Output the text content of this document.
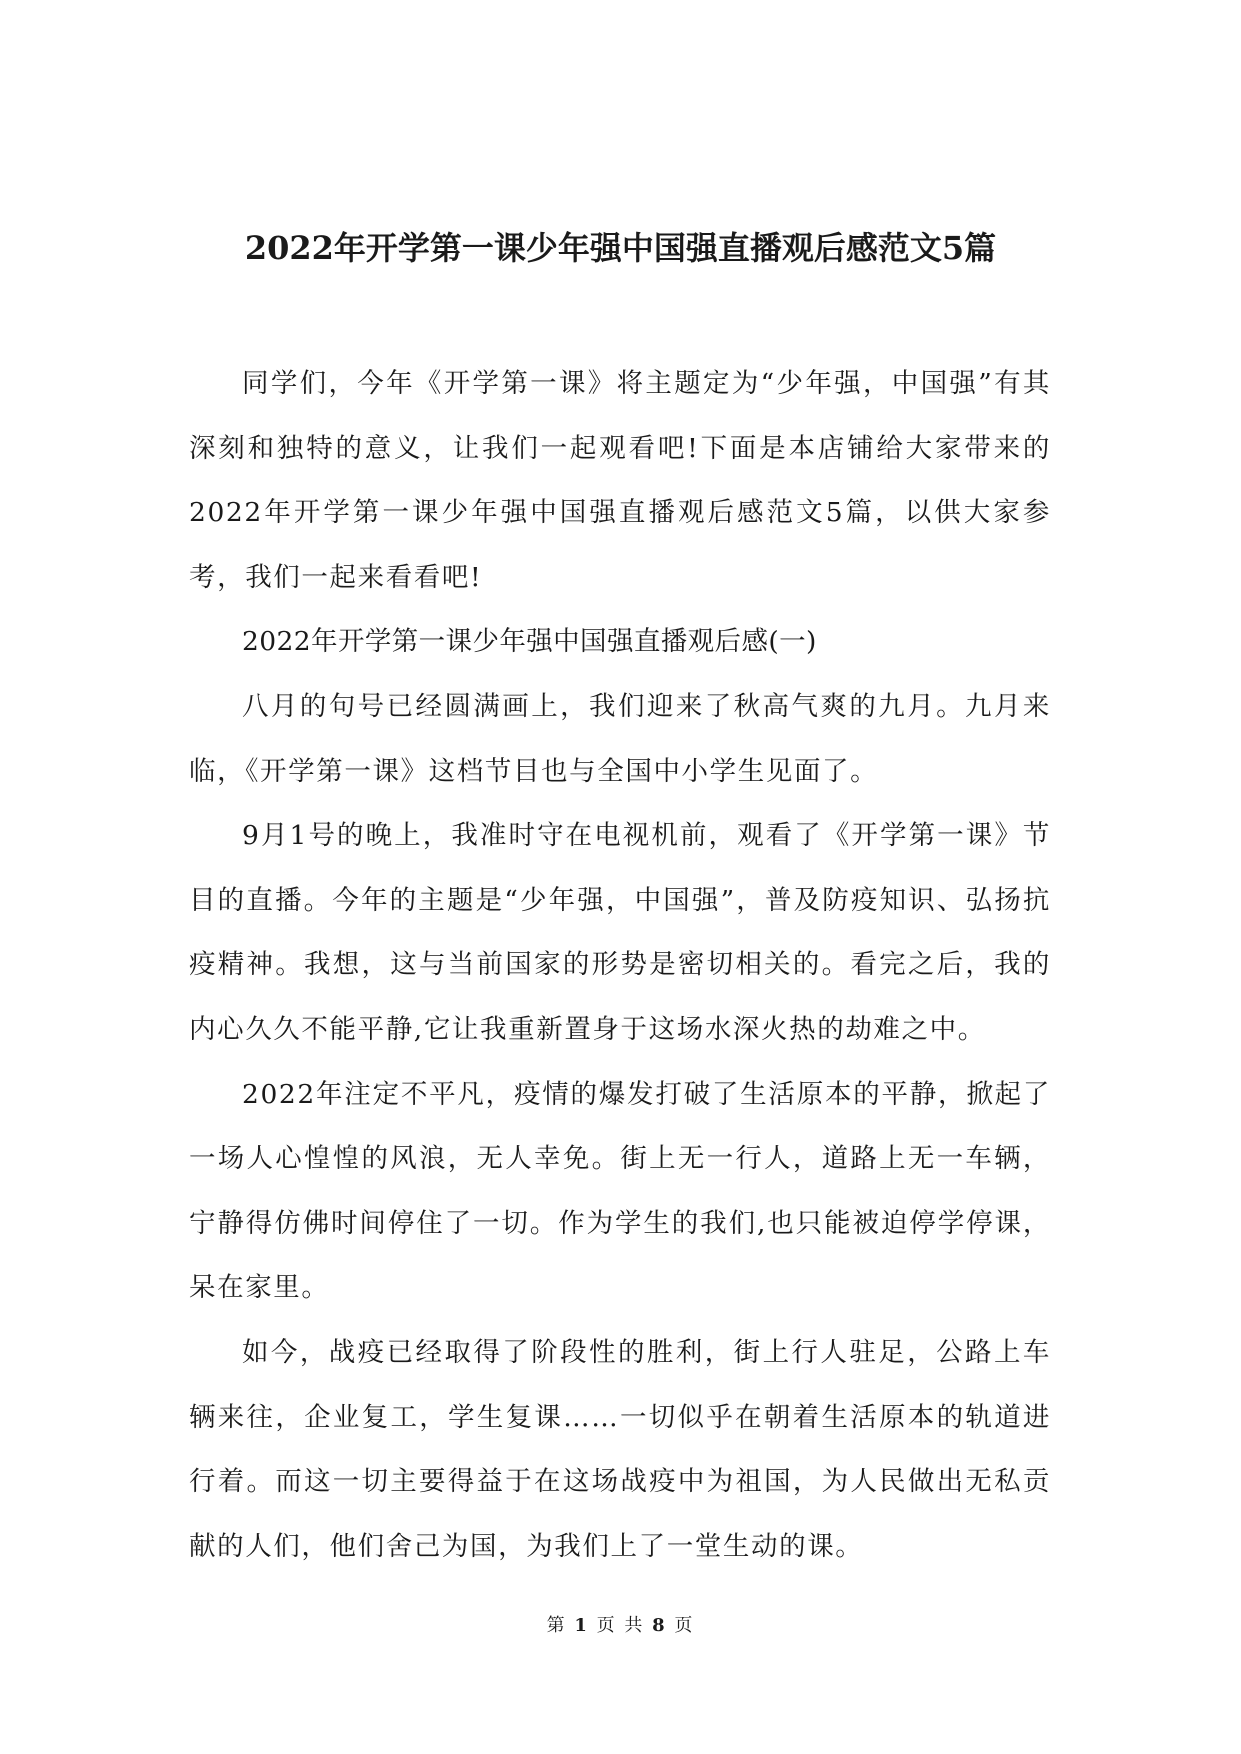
2022年开学第一课少年强中国强直播观后感范文5篇

同学们，今年《开学第一课》将主题定为“少年强，中国强”有其深刻和独特的意义，让我们一起观看吧!下面是本店铺给大家带来的2022年开学第一课少年强中国强直播观后感范文5篇，以供大家参考，我们一起来看看吧!

2022年开学第一课少年强中国强直播观后感(一)

八月的句号已经圆满画上，我们迎来了秋高气爽的九月。九月来临，《开学第一课》这档节目也与全国中小学生见面了。

9月1号的晚上，我准时守在电视机前，观看了《开学第一课》节目的直播。今年的主题是“少年强，中国强”，普及防疫知识、弘扬抗疫精神。我想，这与当前国家的形势是密切相关的。看完之后，我的内心久久不能平静,它让我重新置身于这场水深火热的劫难之中。

2022年注定不平凡，疫情的爆发打破了生活原本的平静，掀起了一场人心惶惶的风浪，无人幸免。街上无一行人，道路上无一车辆，宁静得仿佛时间停住了一切。作为学生的我们,也只能被迫停学停课，呆在家里。

如今，战疫已经取得了阶段性的胜利，街上行人驻足，公路上车辆来往，企业复工，学生复课……一切似乎在朝着生活原本的轨道进行着。而这一切主要得益于在这场战疫中为祖国，为人民做出无私贡献的人们，他们舍己为国，为我们上了一堂生动的课。

第 1 页 共 8 页
